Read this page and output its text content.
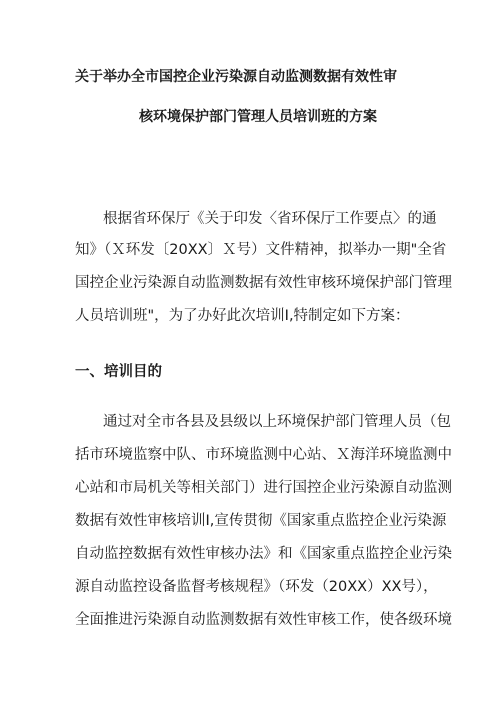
关于举办全市国控企业污染源自动监测数据有效性审
核环境保护部门管理人员培训班的方案
根据省环保厅《关于印发〈省环保厅工作要点〉的通
知》（Ｘ环发〔20XX〕Ｘ号）文件精神，拟举办一期"全省
国控企业污染源自动监测数据有效性审核环境保护部门管理
人员培训班"，为了办好此次培训Ⅰ,特制定如下方案：
一、培训目的
通过对全市各县及县级以上环境保护部门管理人员（包
括市环境监察中队、市环境监测中心站、Ｘ海洋环境监测中
心站和市局机关等相关部门）进行国控企业污染源自动监测
数据有效性审核培训Ⅰ,宣传贯彻《国家重点监控企业污染源
自动监控数据有效性审核办法》和《国家重点监控企业污染
源自动监控设备监督考核规程》（环发（20XX）XX号），
全面推进污染源自动监测数据有效性审核工作，使各级环境
